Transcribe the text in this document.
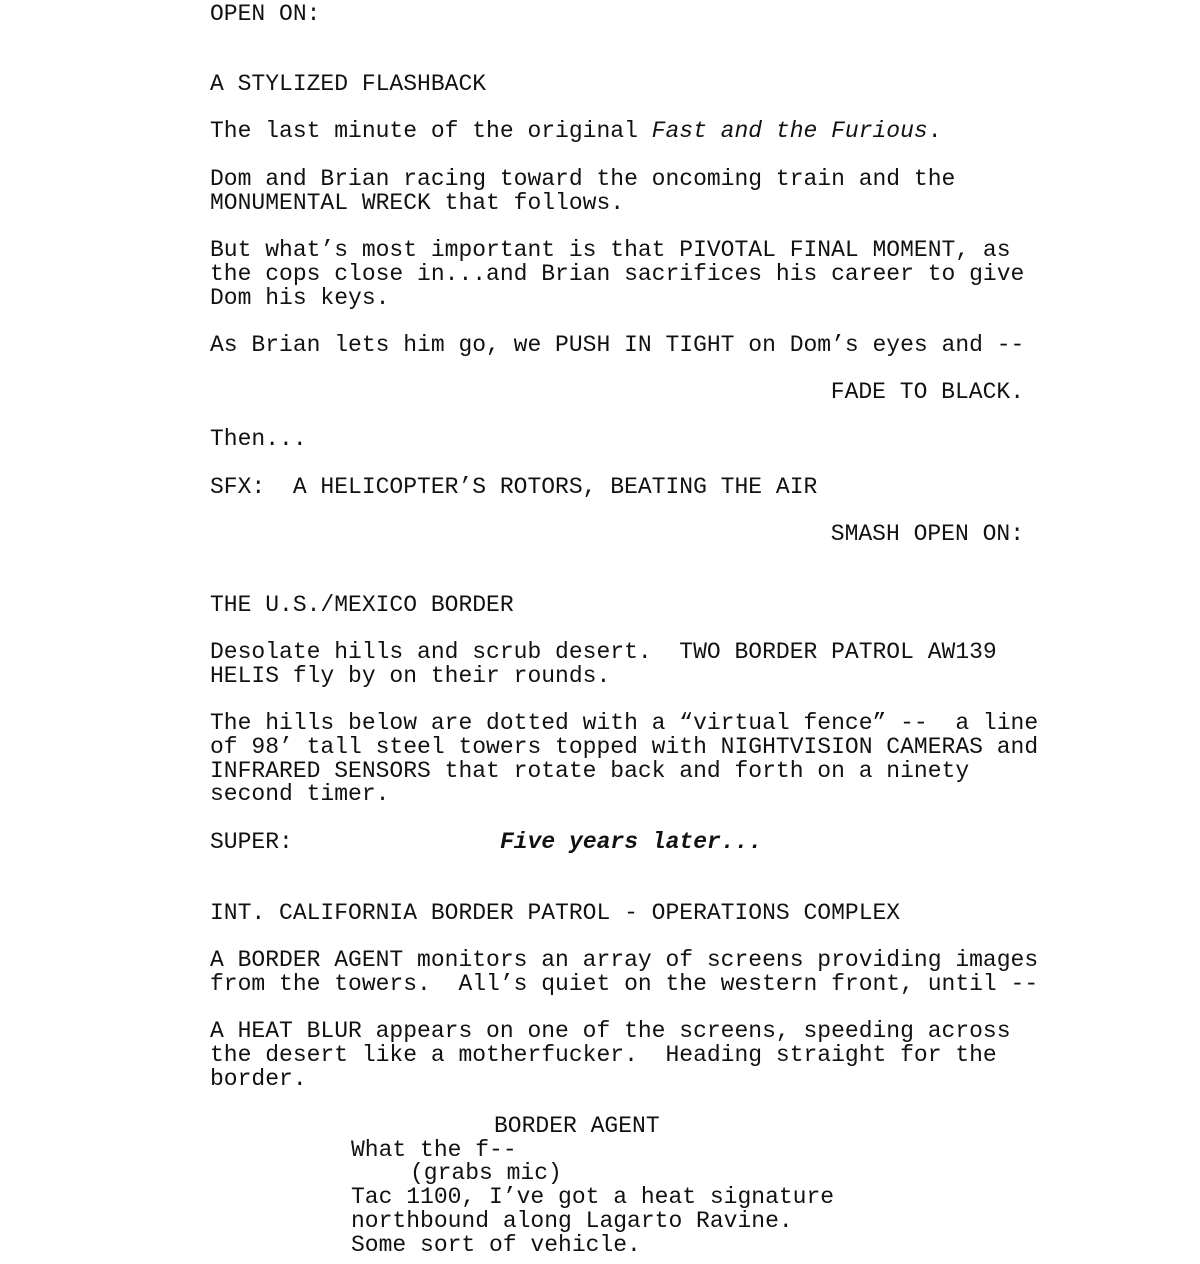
OPEN ON:
A STYLIZED FLASHBACK
The last minute of the original Fast and the Furious.
Dom and Brian racing toward the oncoming train and the
MONUMENTAL WRECK that follows.
But what’s most important is that PIVOTAL FINAL MOMENT, as
the cops close in...and Brian sacrifices his career to give
Dom his keys.
As Brian lets him go, we PUSH IN TIGHT on Dom’s eyes and --
FADE TO BLACK.
Then...
SFX:  A HELICOPTER’S ROTORS, BEATING THE AIR
SMASH OPEN ON:
THE U.S./MEXICO BORDER
Desolate hills and scrub desert.  TWO BORDER PATROL AW139
HELIS fly by on their rounds.
The hills below are dotted with a “virtual fence” --  a line
of 98’ tall steel towers topped with NIGHTVISION CAMERAS and
INFRARED SENSORS that rotate back and forth on a ninety
second timer.
SUPER:	Five years later...
INT. CALIFORNIA BORDER PATROL - OPERATIONS COMPLEX
A BORDER AGENT monitors an array of screens providing images
from the towers.  All’s quiet on the western front, until --
A HEAT BLUR appears on one of the screens, speeding across
the desert like a motherfucker.  Heading straight for the
border.
BORDER AGENT
What the f--
(grabs mic)
Tac 1100, I’ve got a heat signature
northbound along Lagarto Ravine.
Some sort of vehicle.
